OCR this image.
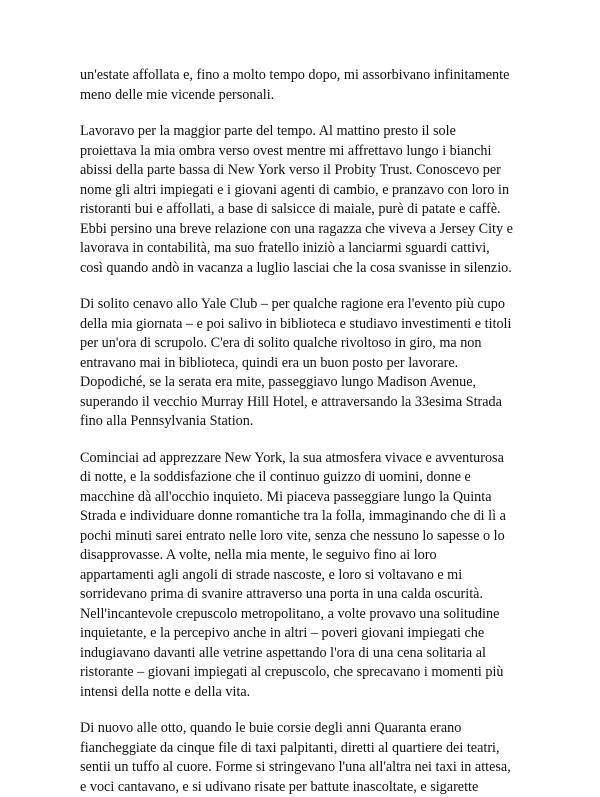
un'estate affollata e, fino a molto tempo dopo, mi assorbivano infinitamente
meno delle mie vicende personali.

Lavoravo per la maggior parte del tempo. Al mattino presto il sole
proiettava la mia ombra verso ovest mentre mi affrettavo lungo i bianchi
abissi della parte bassa di New York verso il Probity Trust. Conoscevo per
nome gli altri impiegati e i giovani agenti di cambio, e pranzavo con loro in
ristoranti bui e affollati, a base di salsicce di maiale, purè di patate e caffè.
Ebbi persino una breve relazione con una ragazza che viveva a Jersey City e
lavorava in contabilità, ma suo fratello iniziò a lanciarmi sguardi cattivi,
così quando andò in vacanza a luglio lasciai che la cosa svanisse in silenzio.

Di solito cenavo allo Yale Club – per qualche ragione era l'evento più cupo
della mia giornata – e poi salivo in biblioteca e studiavo investimenti e titoli
per un'ora di scrupolo. C'era di solito qualche rivoltoso in giro, ma non
entravano mai in biblioteca, quindi era un buon posto per lavorare.
Dopodiché, se la serata era mite, passeggiavo lungo Madison Avenue,
superando il vecchio Murray Hill Hotel, e attraversando la 33esima Strada
fino alla Pennsylvania Station.

Cominciai ad apprezzare New York, la sua atmosfera vivace e avventurosa
di notte, e la soddisfazione che il continuo guizzo di uomini, donne e
macchine dà all'occhio inquieto. Mi piaceva passeggiare lungo la Quinta
Strada e individuare donne romantiche tra la folla, immaginando che di lì a
pochi minuti sarei entrato nelle loro vite, senza che nessuno lo sapesse o lo
disapprovasse. A volte, nella mia mente, le seguivo fino ai loro
appartamenti agli angoli di strade nascoste, e loro si voltavano e mi
sorridevano prima di svanire attraverso una porta in una calda oscurità.
Nell'incantevole crepuscolo metropolitano, a volte provavo una solitudine
inquietante, e la percepivo anche in altri – poveri giovani impiegati che
indugiavano davanti alle vetrine aspettando l'ora di una cena solitaria al
ristorante – giovani impiegati al crepuscolo, che sprecavano i momenti più
intensi della notte e della vita.

Di nuovo alle otto, quando le buie corsie degli anni Quaranta erano
fiancheggiate da cinque file di taxi palpitanti, diretti al quartiere dei teatri,
sentii un tuffo al cuore. Forme si stringevano l'una all'altra nei taxi in attesa,
e voci cantavano, e si udivano risate per battute inascoltate, e sigarette
